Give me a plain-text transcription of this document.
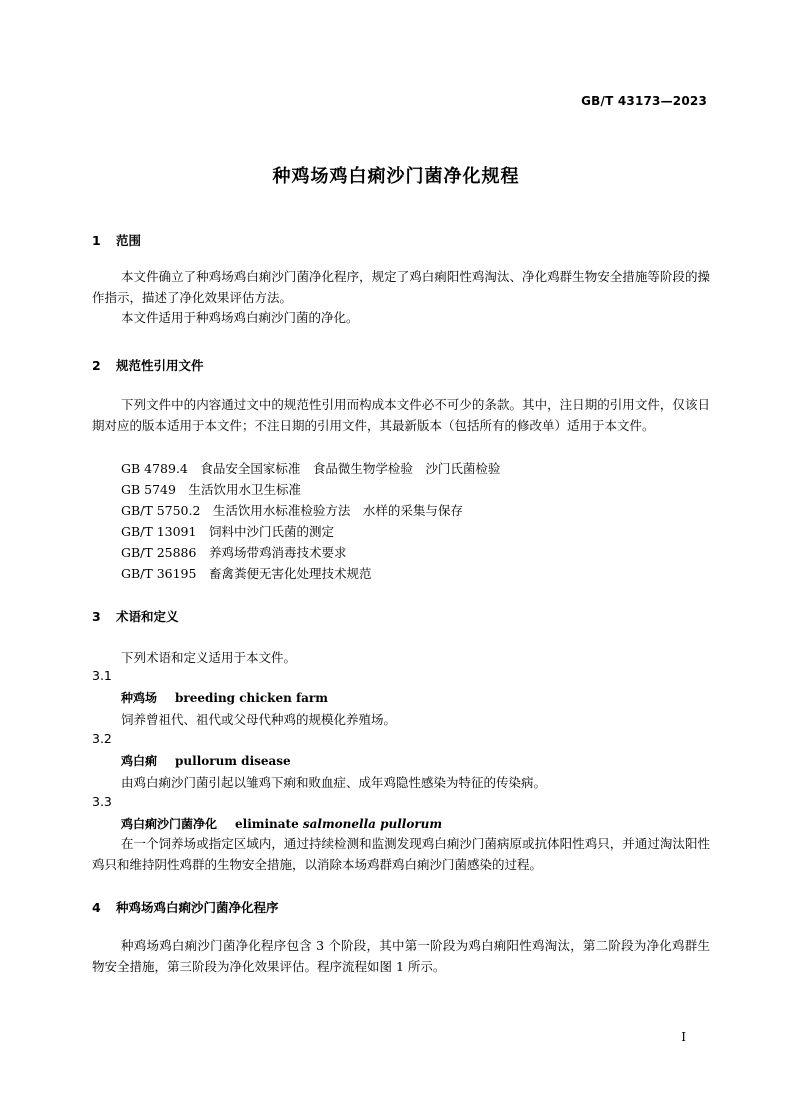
GB/T 43173—2023
种鸡场鸡白痢沙门菌净化规程
1 范围

本文件确立了种鸡场鸡白痢沙门菌净化程序，规定了鸡白痢阳性鸡淘汰、净化鸡群生物安全措施等阶段的操作指示，描述了净化效果评估方法。

本文件适用于种鸡场鸡白痢沙门菌的净化。

2 规范性引用文件

下列文件中的内容通过文中的规范性引用而构成本文件必不可少的条款。其中，注日期的引用文件，仅该日期对应的版本适用于本文件；不注日期的引用文件，其最新版本（包括所有的修改单）适用于本文件。

GB 4789.4　食品安全国家标准　食品微生物学检验　沙门氏菌检验
GB 5749　生活饮用水卫生标准
GB/T 5750.2　生活饮用水标准检验方法　水样的采集与保存
GB/T 13091　饲料中沙门氏菌的测定
GB/T 25886　养鸡场带鸡消毒技术要求
GB/T 36195　畜禽粪便无害化处理技术规范
3 术语和定义
下列术语和定义适用于本文件。
3.1
种鸡场 breeding chicken farm
饲养曾祖代、祖代或父母代种鸡的规模化养殖场。
3.2
鸡白痢 pullorum disease
由鸡白痢沙门菌引起以雏鸡下痢和败血症、成年鸡隐性感染为特征的传染病。
3.3
鸡白痢沙门菌净化 eliminate salmonella pullorum

在一个饲养场或指定区域内，通过持续检测和监测发现鸡白痢沙门菌病原或抗体阳性鸡只，并通过淘汰阳性鸡只和维持阴性鸡群的生物安全措施，以消除本场鸡群鸡白痢沙门菌感染的过程。

4 种鸡场鸡白痢沙门菌净化程序

种鸡场鸡白痢沙门菌净化程序包含 3 个阶段，其中第一阶段为鸡白痢阳性鸡淘汰，第二阶段为净化鸡群生物安全措施，第三阶段为净化效果评估。程序流程如图 1 所示。

I
